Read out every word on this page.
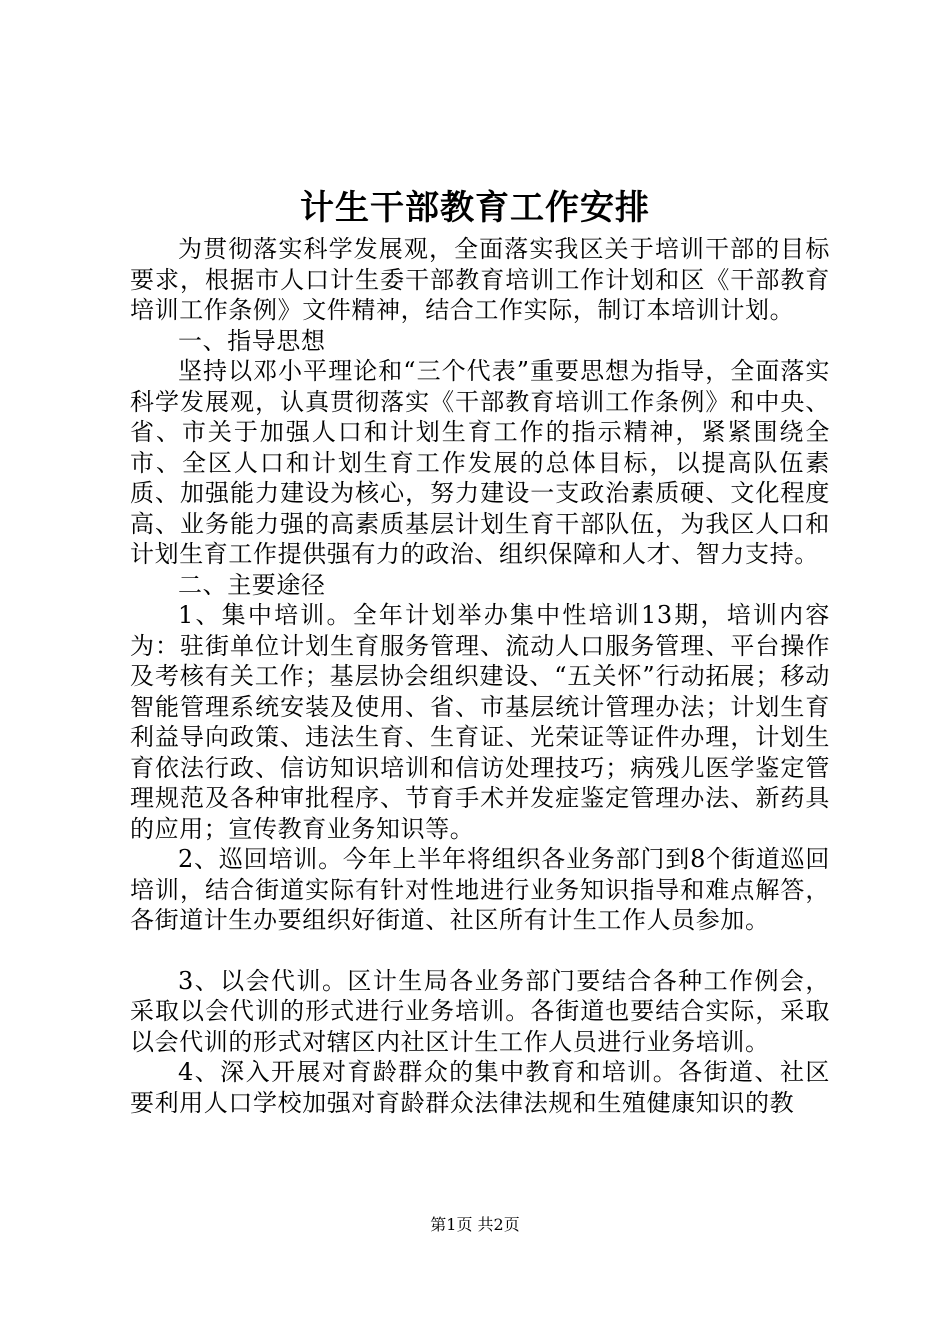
计生干部教育工作安排

为贯彻落实科学发展观，全面落实我区关于培训干部的目标要求，根据市人口计生委干部教育培训工作计划和区《干部教育培训工作条例》文件精神，结合工作实际，制订本培训计划。

一、指导思想

坚持以邓小平理论和“三个代表”重要思想为指导，全面落实科学发展观，认真贯彻落实《干部教育培训工作条例》和中央、省、市关于加强人口和计划生育工作的指示精神，紧紧围绕全市、全区人口和计划生育工作发展的总体目标，以提高队伍素质、加强能力建设为核心，努力建设一支政治素质硬、文化程度高、业务能力强的高素质基层计划生育干部队伍，为我区人口和计划生育工作提供强有力的政治、组织保障和人才、智力支持。

二、主要途径

1、集中培训。全年计划举办集中性培训13期，培训内容为：驻街单位计划生育服务管理、流动人口服务管理、平台操作及考核有关工作；基层协会组织建设、“五关怀”行动拓展；移动智能管理系统安装及使用、省、市基层统计管理办法；计划生育利益导向政策、违法生育、生育证、光荣证等证件办理，计划生育依法行政、信访知识培训和信访处理技巧；病残儿医学鉴定管理规范及各种审批程序、节育手术并发症鉴定管理办法、新药具的应用；宣传教育业务知识等。

2、巡回培训。今年上半年将组织各业务部门到8个街道巡回培训，结合街道实际有针对性地进行业务知识指导和难点解答，各街道计生办要组织好街道、社区所有计生工作人员参加。

3、以会代训。区计生局各业务部门要结合各种工作例会，采取以会代训的形式进行业务培训。各街道也要结合实际，采取以会代训的形式对辖区内社区计生工作人员进行业务培训。

4、深入开展对育龄群众的集中教育和培训。各街道、社区要利用人口学校加强对育龄群众法律法规和生殖健康知识的教

第1页 共2页
